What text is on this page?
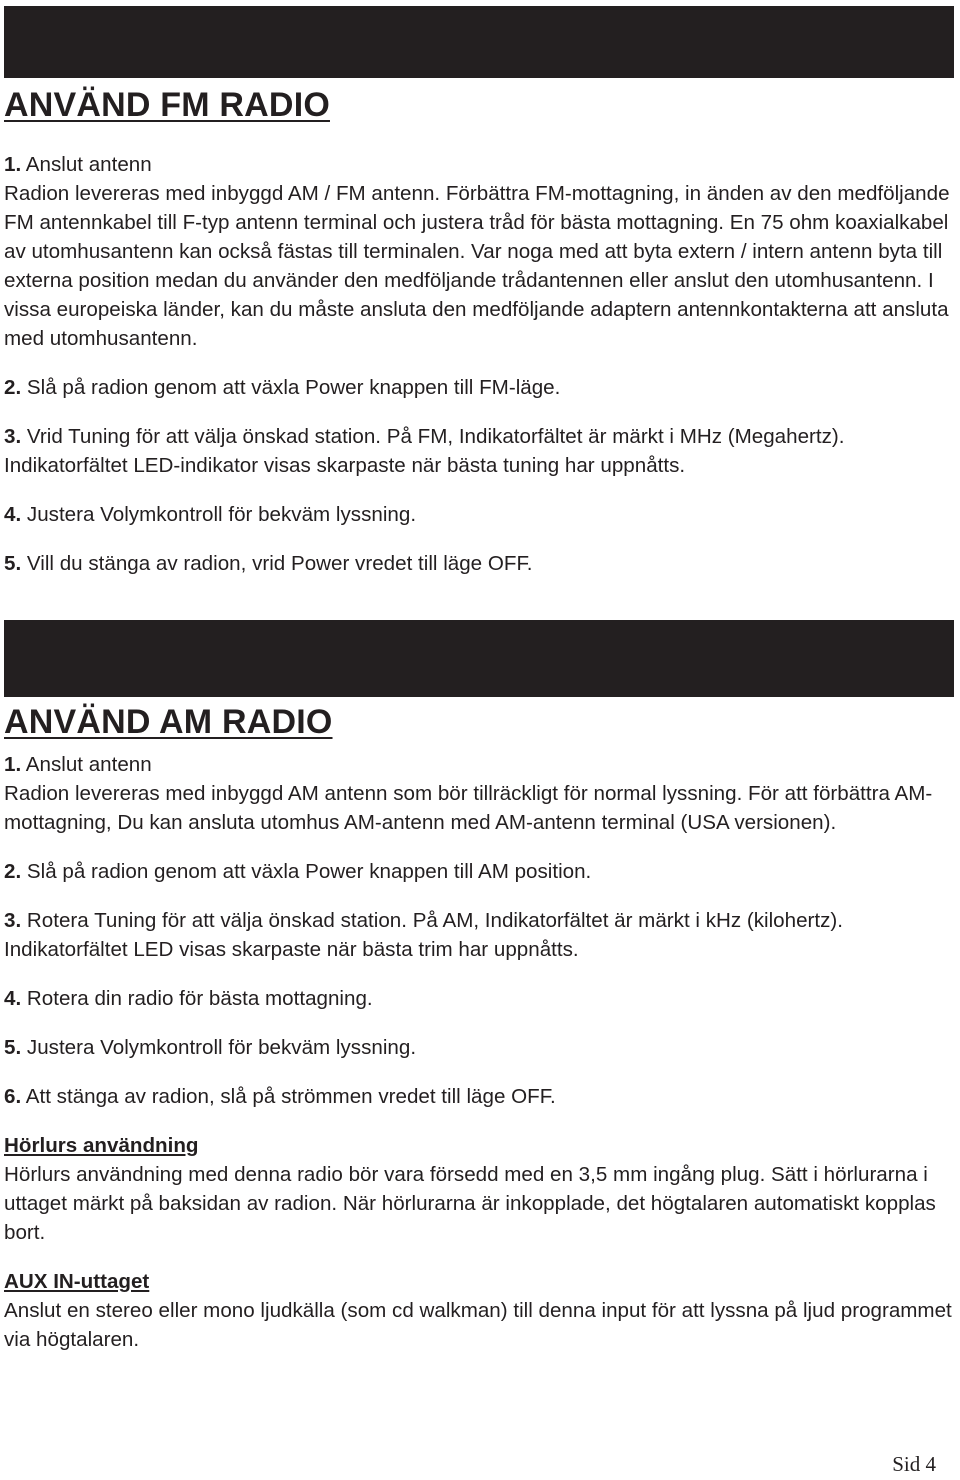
ANVÄND FM RADIO

1. Anslut antenn

Radion levereras med inbyggd AM / FM antenn. Förbättra FM-mottagning, in änden av den medföljande FM antennkabel till F-typ antenn terminal och justera tråd för bästa mottagning. En 75 ohm koaxialkabel av utomhusantenn kan också fästas till terminalen. Var noga med att byta extern / intern antenn byta till externa position medan du använder den medföljande trådantennen eller anslut den utomhusantenn. I vissa europeiska länder, kan du måste ansluta den medföljande adaptern antennkontakterna att ansluta med utomhusantenn.

2. Slå på radion genom att växla Power knappen till FM-läge.

3. Vrid Tuning för att välja önskad station. På FM, Indikatorfältet är märkt i MHz (Megahertz). Indikatorfältet LED-indikator visas skarpaste när bästa tuning har uppnåtts.

4. Justera Volymkontroll för bekväm lyssning.

5. Vill du stänga av radion, vrid Power vredet till läge OFF.

ANVÄND AM RADIO

1. Anslut antenn

Radion levereras med inbyggd AM antenn som bör tillräckligt för normal lyssning. För att förbättra AM-mottagning, Du kan ansluta utomhus AM-antenn med AM-antenn terminal (USA versionen).

2. Slå på radion genom att växla Power knappen till AM position.

3. Rotera Tuning för att välja önskad station. På AM, Indikatorfältet är märkt i kHz (kilohertz). Indikatorfältet LED visas skarpaste när bästa trim har uppnåtts.

4. Rotera din radio för bästa mottagning.

5. Justera Volymkontroll för bekväm lyssning.

6. Att stänga av radion, slå på strömmen vredet till läge OFF.

Hörlurs användning

Hörlurs användning med denna radio bör vara försedd med en 3,5 mm ingång plug. Sätt i hörlurarna i uttaget märkt på baksidan av radion. När hörlurarna är inkopplade, det högtalaren automatiskt kopplas bort.

AUX IN-uttaget

Anslut en stereo eller mono ljudkälla (som cd walkman) till denna input för att lyssna på ljud programmet via högtalaren.

Sid 4
